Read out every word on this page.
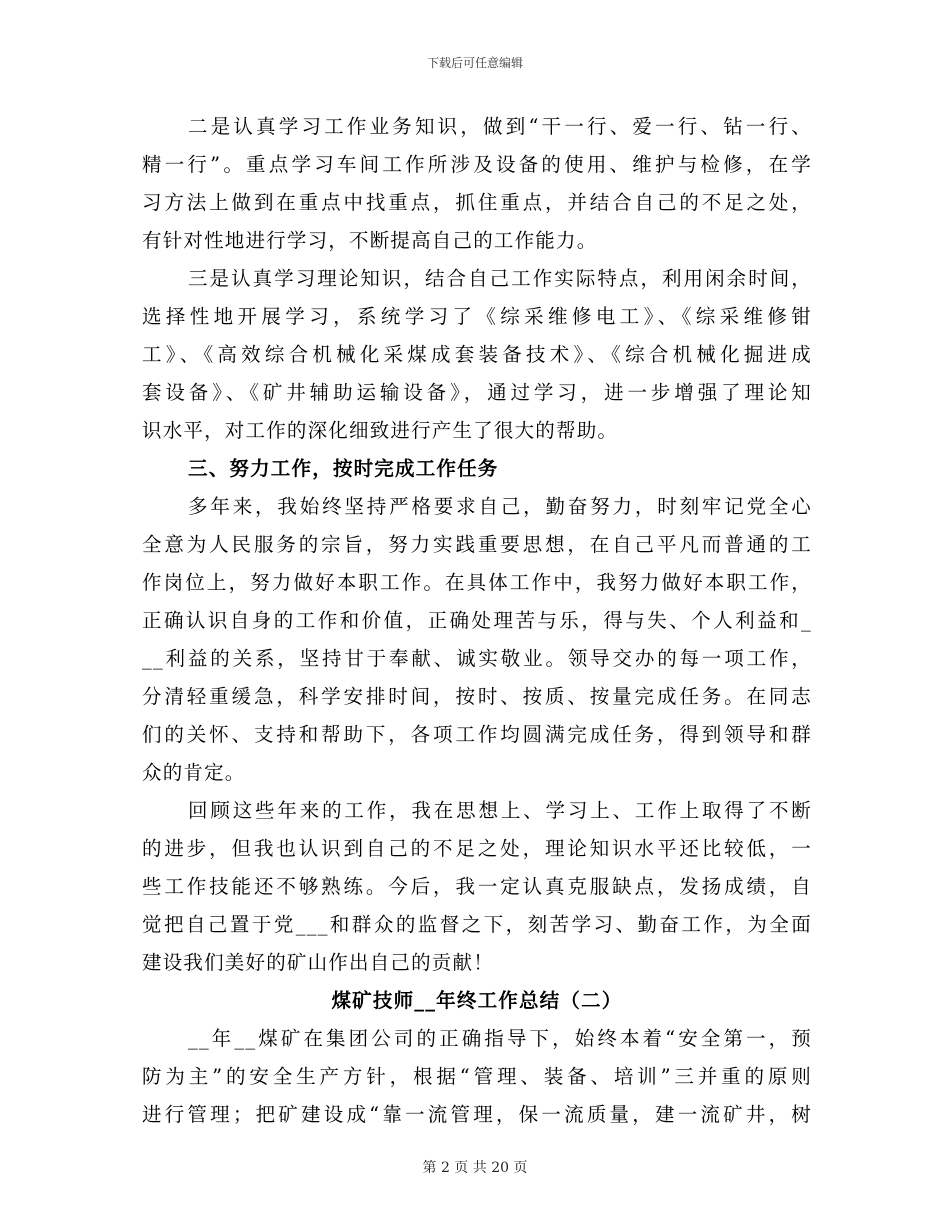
下载后可任意编辑
二是认真学习工作业务知识，做到“干一行、爱一行、钻一行、
精一行”。重点学习车间工作所涉及设备的使用、维护与检修，在学
习方法上做到在重点中找重点，抓住重点，并结合自己的不足之处，
有针对性地进行学习，不断提高自己的工作能力。
三是认真学习理论知识，结合自己工作实际特点，利用闲余时间，
选择性地开展学习，系统学习了《综采维修电工》、《综采维修钳
工》、《高效综合机械化采煤成套装备技术》、《综合机械化掘进成
套设备》、《矿井辅助运输设备》，通过学习，进一步增强了理论知
识水平，对工作的深化细致进行产生了很大的帮助。
三、努力工作，按时完成工作任务
多年来，我始终坚持严格要求自己，勤奋努力，时刻牢记党全心
全意为人民服务的宗旨，努力实践重要思想，在自己平凡而普通的工
作岗位上，努力做好本职工作。在具体工作中，我努力做好本职工作，
正确认识自身的工作和价值，正确处理苦与乐，得与失、个人利益和_
__利益的关系，坚持甘于奉献、诚实敬业。领导交办的每一项工作，
分清轻重缓急，科学安排时间，按时、按质、按量完成任务。在同志
们的关怀、支持和帮助下，各项工作均圆满完成任务，得到领导和群
众的肯定。
回顾这些年来的工作，我在思想上、学习上、工作上取得了不断
的进步，但我也认识到自己的不足之处，理论知识水平还比较低，一
些工作技能还不够熟练。今后，我一定认真克服缺点，发扬成绩，自
觉把自己置于党___和群众的监督之下，刻苦学习、勤奋工作，为全面
建设我们美好的矿山作出自己的贡献！
煤矿技师__年终工作总结（二）
__年__煤矿在集团公司的正确指导下，始终本着“安全第一，预
防为主”的安全生产方针，根据“管理、装备、培训”三并重的原则
进行管理；把矿建设成“靠一流管理，保一流质量，建一流矿井，树
第 2 页 共 20 页
